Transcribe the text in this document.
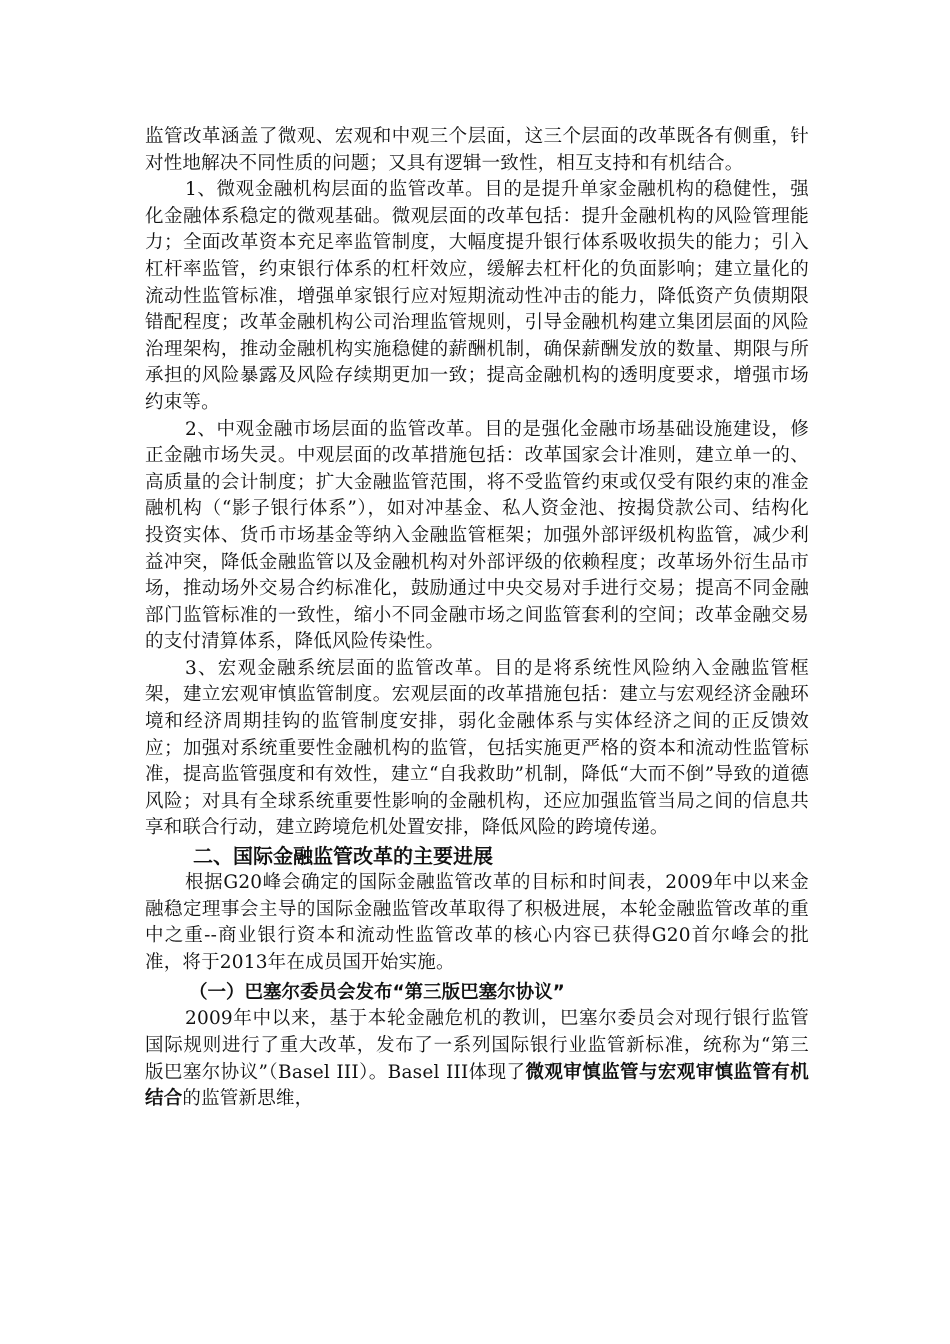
监管改革涵盖了微观、宏观和中观三个层面，这三个层面的改革既各有侧重，针对性地解决不同性质的问题；又具有逻辑一致性，相互支持和有机结合。

1、微观金融机构层面的监管改革。目的是提升单家金融机构的稳健性，强化金融体系稳定的微观基础。微观层面的改革包括：提升金融机构的风险管理能力；全面改革资本充足率监管制度，大幅度提升银行体系吸收损失的能力；引入杠杆率监管，约束银行体系的杠杆效应，缓解去杠杆化的负面影响；建立量化的流动性监管标准，增强单家银行应对短期流动性冲击的能力，降低资产负债期限错配程度；改革金融机构公司治理监管规则，引导金融机构建立集团层面的风险治理架构，推动金融机构实施稳健的薪酬机制，确保薪酬发放的数量、期限与所承担的风险暴露及风险存续期更加一致；提高金融机构的透明度要求，增强市场约束等。

2、中观金融市场层面的监管改革。目的是强化金融市场基础设施建设，修正金融市场失灵。中观层面的改革措施包括：改革国家会计准则，建立单一的、高质量的会计制度；扩大金融监管范围，将不受监管约束或仅受有限约束的准金融机构（“影子银行体系”），如对冲基金、私人资金池、按揭贷款公司、结构化投资实体、货币市场基金等纳入金融监管框架；加强外部评级机构监管，减少利益冲突，降低金融监管以及金融机构对外部评级的依赖程度；改革场外衍生品市场，推动场外交易合约标准化，鼓励通过中央交易对手进行交易；提高不同金融部门监管标准的一致性，缩小不同金融市场之间监管套利的空间；改革金融交易的支付清算体系，降低风险传染性。

3、宏观金融系统层面的监管改革。目的是将系统性风险纳入金融监管框架，建立宏观审慎监管制度。宏观层面的改革措施包括：建立与宏观经济金融环境和经济周期挂钩的监管制度安排，弱化金融体系与实体经济之间的正反馈效应；加强对系统重要性金融机构的监管，包括实施更严格的资本和流动性监管标准，提高监管强度和有效性，建立“自我救助”机制，降低“大而不倒”导致的道德风险；对具有全球系统重要性影响的金融机构，还应加强监管当局之间的信息共享和联合行动，建立跨境危机处置安排，降低风险的跨境传递。

二、国际金融监管改革的主要进展

根据G20峰会确定的国际金融监管改革的目标和时间表，2009年中以来金融稳定理事会主导的国际金融监管改革取得了积极进展，本轮金融监管改革的重中之重--商业银行资本和流动性监管改革的核心内容已获得G20首尔峰会的批准，将于2013年在成员国开始实施。

（一）巴塞尔委员会发布“第三版巴塞尔协议”

2009年中以来，基于本轮金融危机的教训，巴塞尔委员会对现行银行监管国际规则进行了重大改革，发布了一系列国际银行业监管新标准，统称为“第三版巴塞尔协议”（Basel III）。Basel III体现了微观审慎监管与宏观审慎监管有机结合的监管新思维，
